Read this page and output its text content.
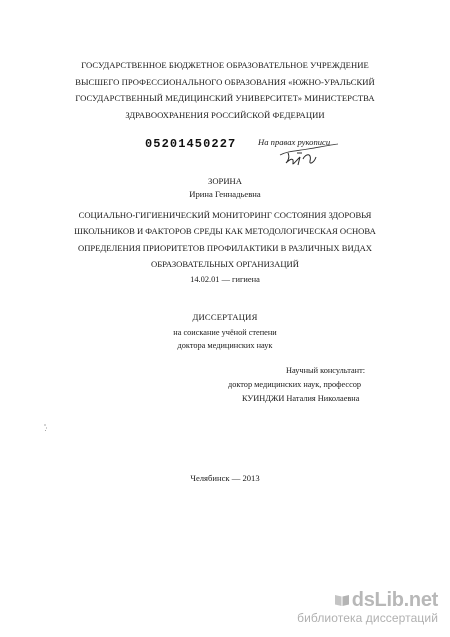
ГОСУДАРСТВЕННОЕ БЮДЖЕТНОЕ ОБРАЗОВАТЕЛЬНОЕ УЧРЕЖДЕНИЕ
ВЫСШЕГО ПРОФЕССИОНАЛЬНОГО ОБРАЗОВАНИЯ «ЮЖНО-УРАЛЬСКИЙ
ГОСУДАРСТВЕННЫЙ МЕДИЦИНСКИЙ УНИВЕРСИТЕТ» МИНИСТЕРСТВА
ЗДРАВООХРАНЕНИЯ РОССИЙСКОЙ ФЕДЕРАЦИИ
05201450227	На правах рукописи
ЗОРИНА
Ирина Геннадьевна
СОЦИАЛЬНО-ГИГИЕНИЧЕСКИЙ МОНИТОРИНГ СОСТОЯНИЯ ЗДОРОВЬЯ
ШКОЛЬНИКОВ И ФАКТОРОВ СРЕДЫ КАК МЕТОДОЛОГИЧЕСКАЯ ОСНОВА
ОПРЕДЕЛЕНИЯ ПРИОРИТЕТОВ ПРОФИЛАКТИКИ В РАЗЛИЧНЫХ ВИДАХ
ОБРАЗОВАТЕЛЬНЫХ ОРГАНИЗАЦИЙ
14.02.01 — гигиена
ДИССЕРТАЦИЯ
на соискание учёной степени
доктора медицинских наук
Научный консультант:
доктор медицинских наук, профессор
КУИНДЖИ Наталия Николаевна
Челябинск — 2013
dsLib.net
библиотека диссертаций
